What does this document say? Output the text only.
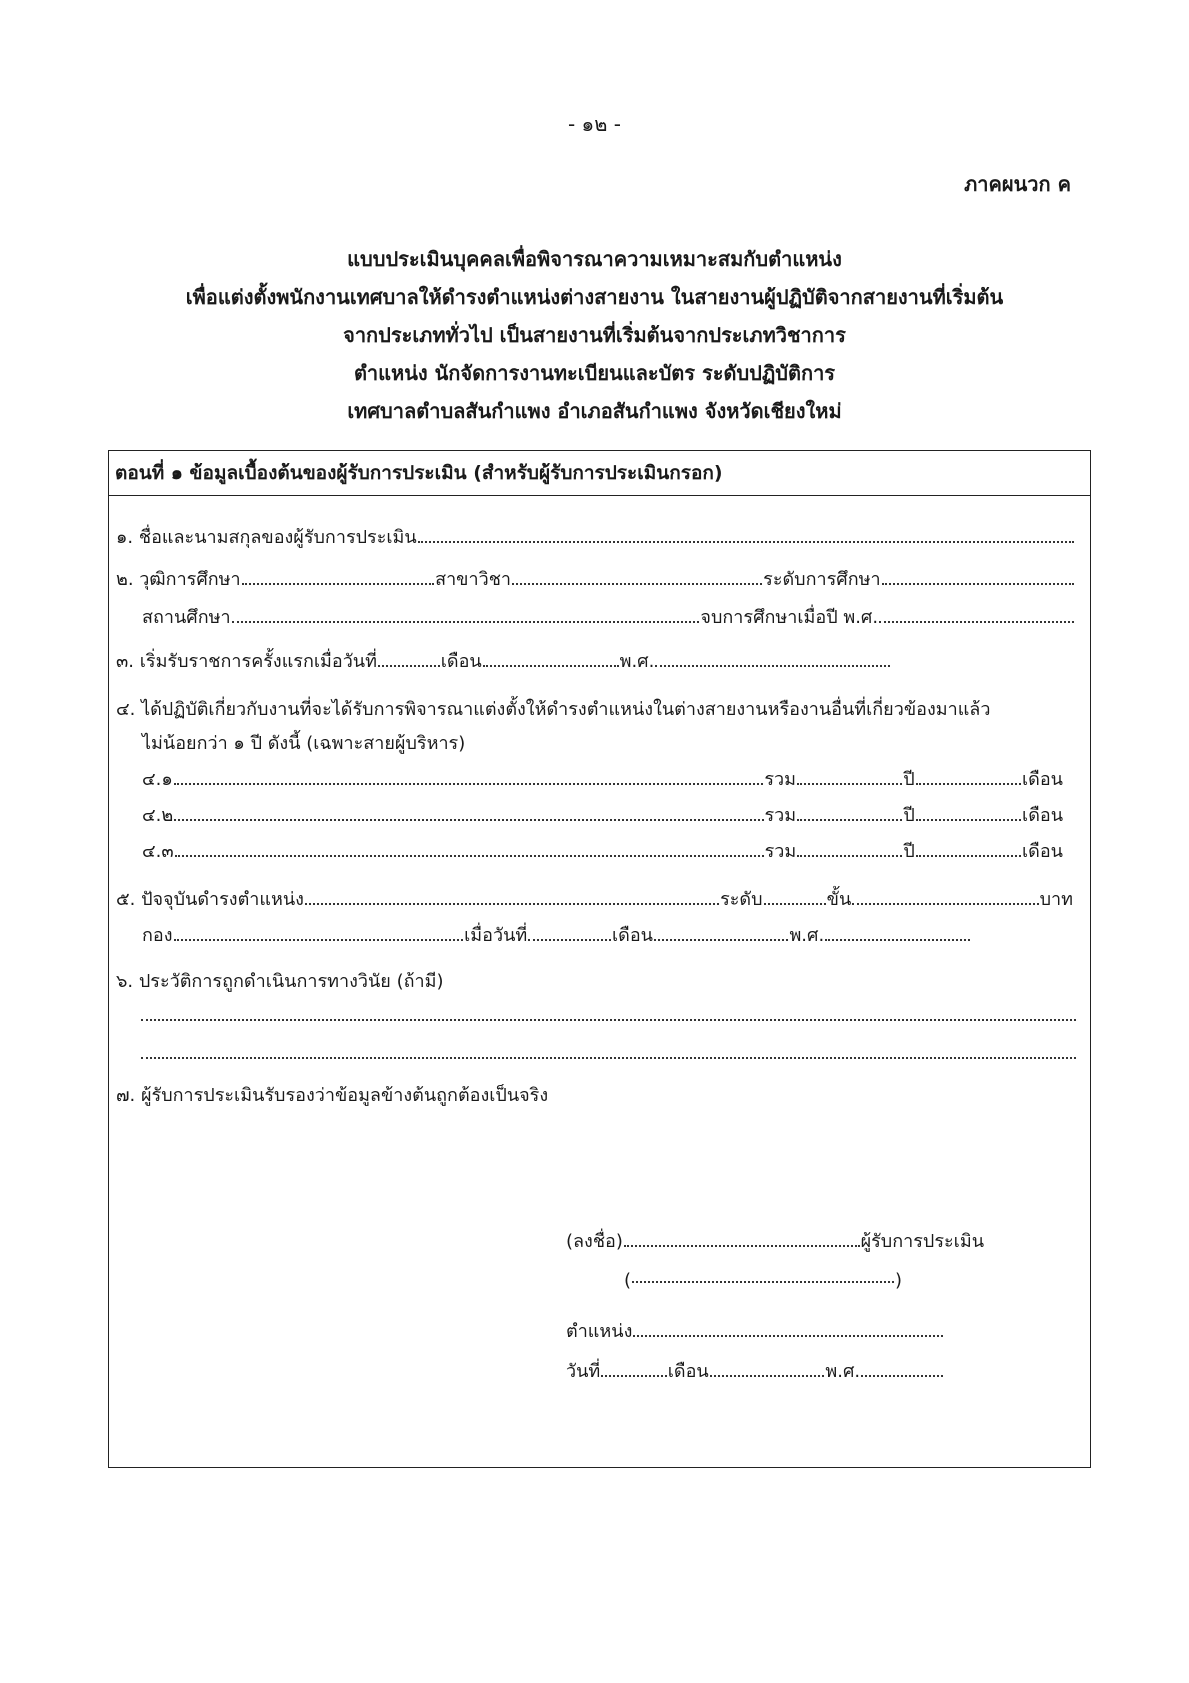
- ๑๒ -
ภาคผนวก ค
แบบประเมินบุคคลเพื่อพิจารณาความเหมาะสมกับตำแหน่ง
เพื่อแต่งตั้งพนักงานเทศบาลให้ดำรงตำแหน่งต่างสายงาน ในสายงานผู้ปฏิบัติจากสายงานที่เริ่มต้น
จากประเภททั่วไป เป็นสายงานที่เริ่มต้นจากประเภทวิชาการ
ตำแหน่ง นักจัดการงานทะเบียนและบัตร ระดับปฏิบัติการ
เทศบาลตำบลสันกำแพง อำเภอสันกำแพง จังหวัดเชียงใหม่
ตอนที่ ๑ ข้อมูลเบื้องต้นของผู้รับการประเมิน (สำหรับผู้รับการประเมินกรอก)
๑. ชื่อและนามสกุลของผู้รับการประเมิน
๒. วุฒิการศึกษา	สาขาวิชา	ระดับการศึกษา
สถานศึกษา	จบการศึกษาเมื่อปี พ.ศ.
๓. เริ่มรับราชการครั้งแรกเมื่อวันที่	เดือน	พ.ศ.
๔. ได้ปฏิบัติเกี่ยวกับงานที่จะได้รับการพิจารณาแต่งตั้งให้ดำรงตำแหน่งในต่างสายงานหรืองานอื่นที่เกี่ยวข้องมาแล้ว
ไม่น้อยกว่า ๑ ปี ดังนี้ (เฉพาะสายผู้บริหาร)
๔.๑	รวม	ปี	เดือน
๔.๒	รวม	ปี	เดือน
๔.๓	รวม	ปี	เดือน
๕. ปัจจุบันดำรงตำแหน่ง	ระดับ	ขั้น	บาท
กอง	เมื่อวันที่	เดือน	พ.ศ.
๖. ประวัติการถูกดำเนินการทางวินัย (ถ้ามี)
๗. ผู้รับการประเมินรับรองว่าข้อมูลข้างต้นถูกต้องเป็นจริง
(ลงชื่อ)	ผู้รับการประเมิน
(	)
ตำแหน่ง
วันที่	เดือน	พ.ศ.
